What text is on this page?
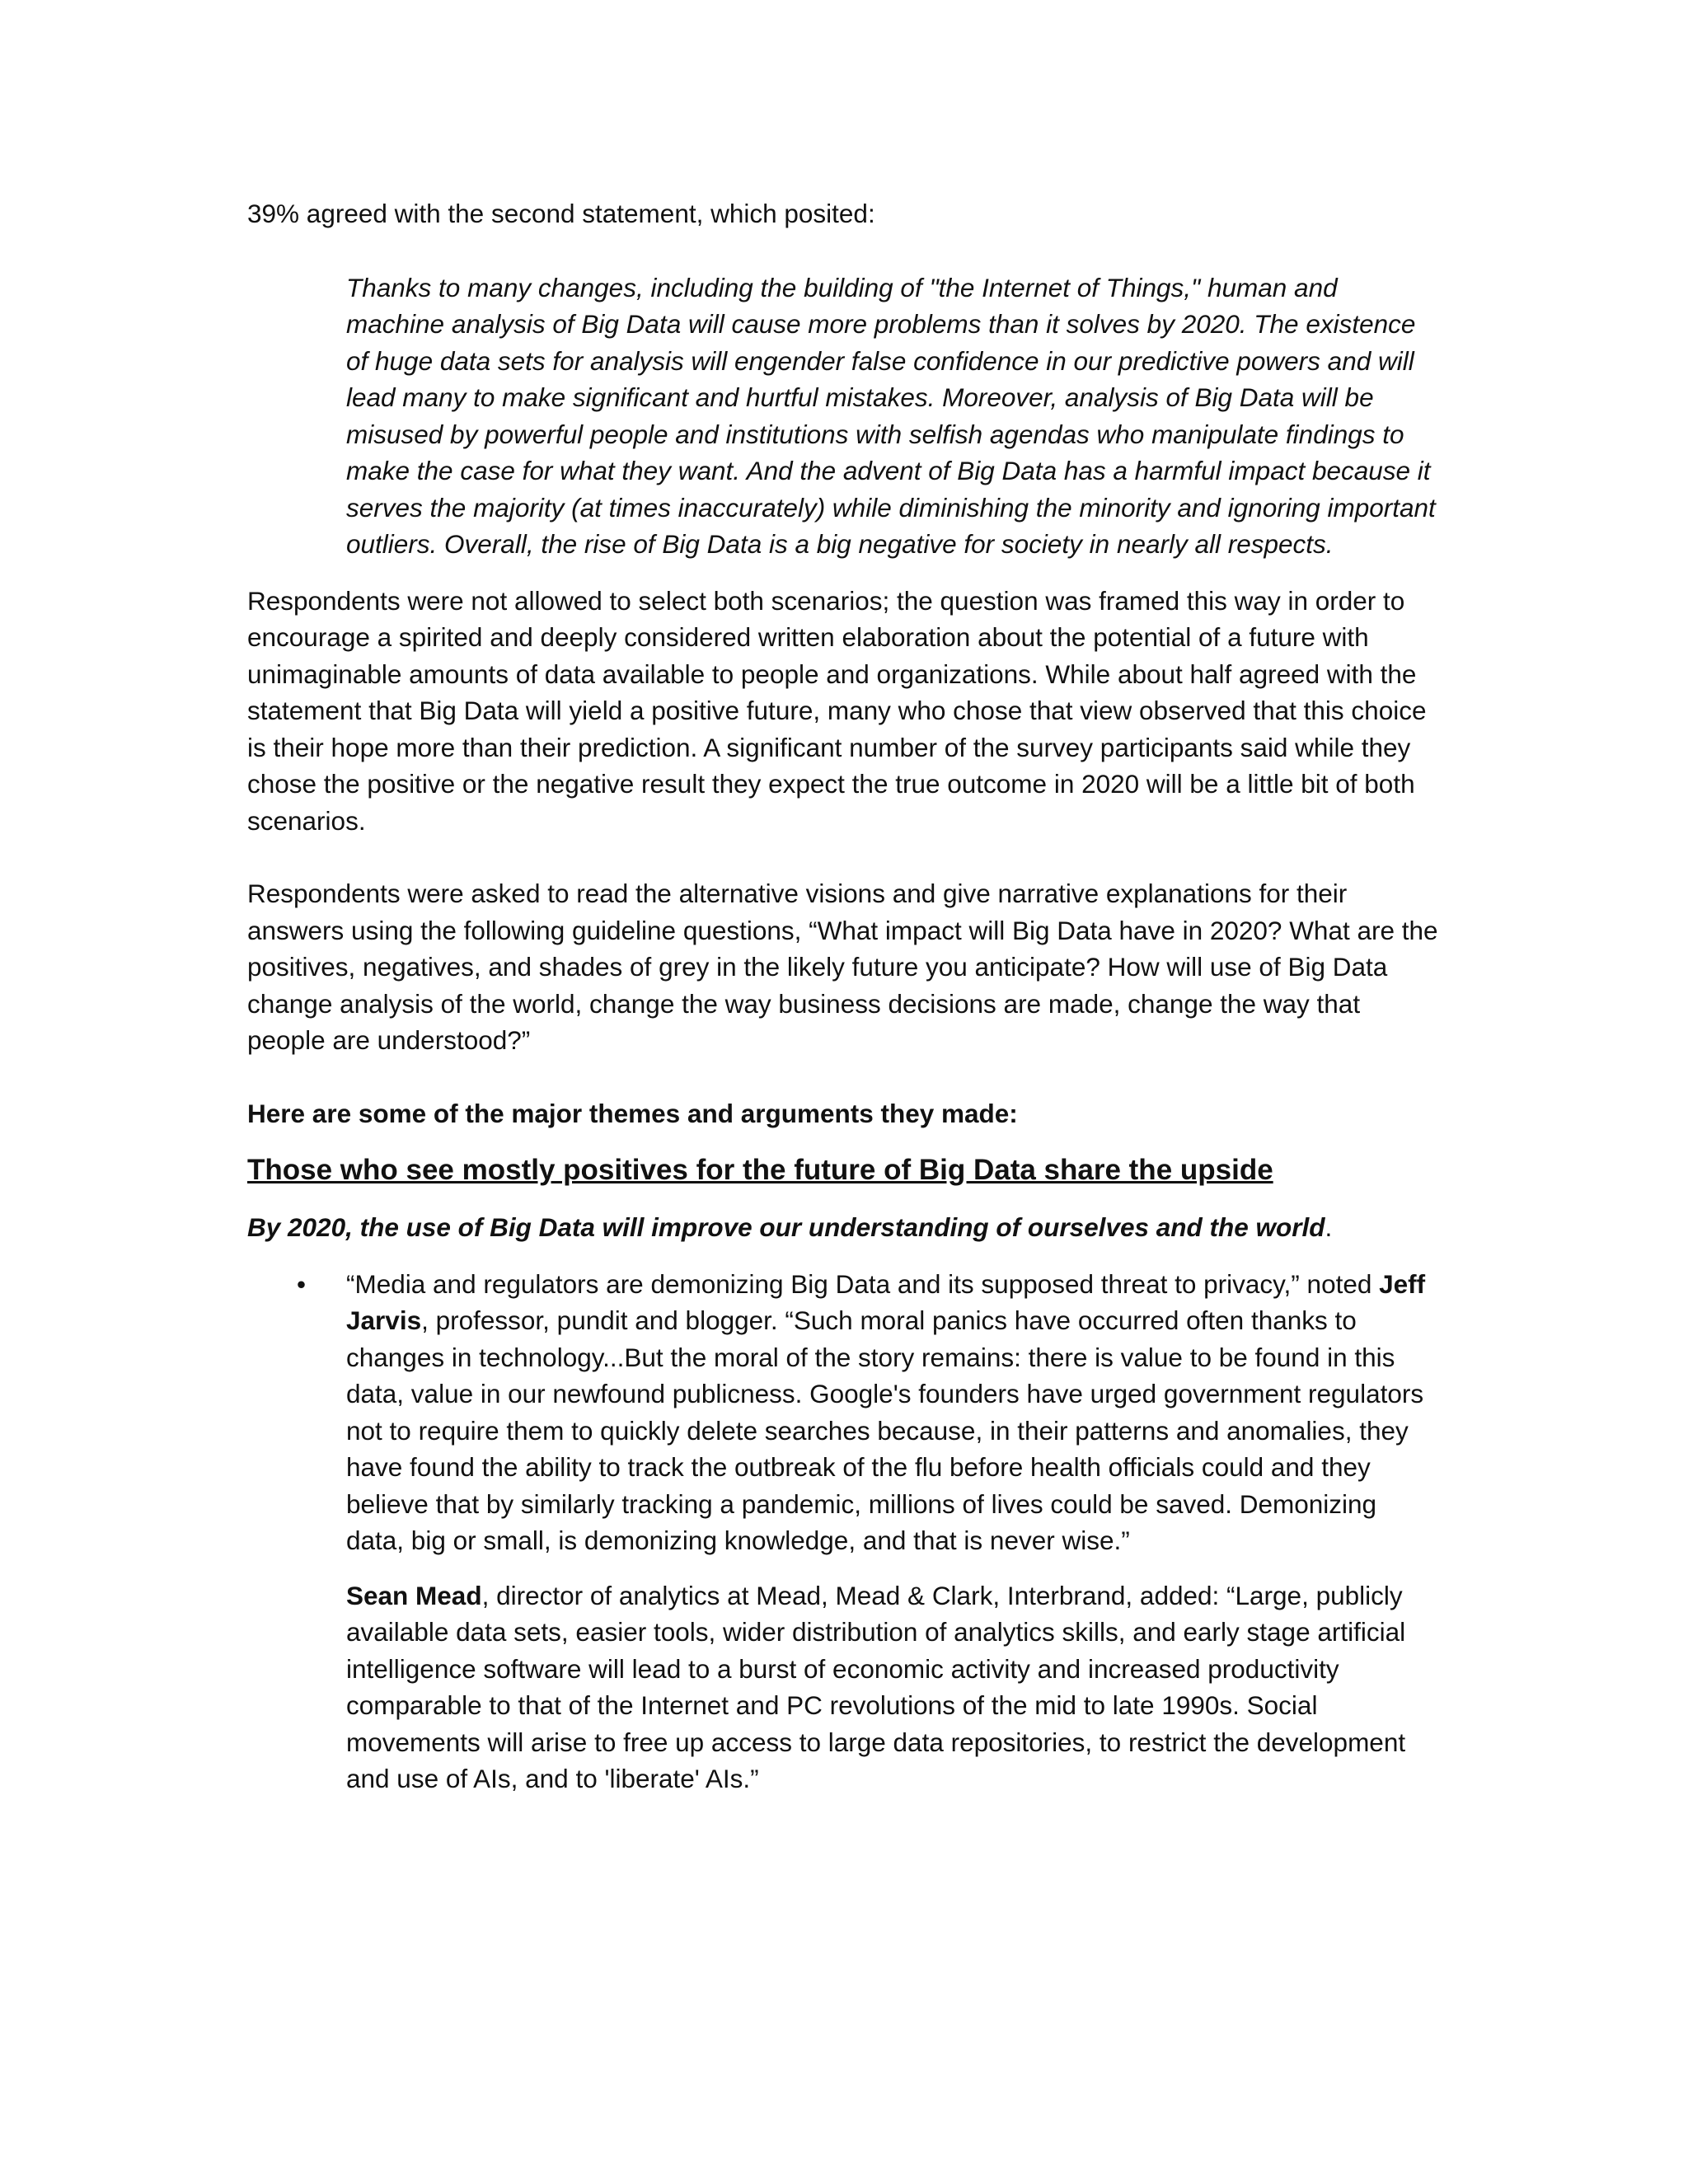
39% agreed with the second statement, which posited:

Thanks to many changes, including the building of "the Internet of Things," human and machine analysis of Big Data will cause more problems than it solves by 2020. The existence of huge data sets for analysis will engender false confidence in our predictive powers and will lead many to make significant and hurtful mistakes. Moreover, analysis of Big Data will be misused by powerful people and institutions with selfish agendas who manipulate findings to make the case for what they want. And the advent of Big Data has a harmful impact because it serves the majority (at times inaccurately) while diminishing the minority and ignoring important outliers. Overall, the rise of Big Data is a big negative for society in nearly all respects.

Respondents were not allowed to select both scenarios; the question was framed this way in order to encourage a spirited and deeply considered written elaboration about the potential of a future with unimaginable amounts of data available to people and organizations. While about half agreed with the statement that Big Data will yield a positive future, many who chose that view observed that this choice is their hope more than their prediction. A significant number of the survey participants said while they chose the positive or the negative result they expect the true outcome in 2020 will be a little bit of both scenarios.

Respondents were asked to read the alternative visions and give narrative explanations for their answers using the following guideline questions, “What impact will Big Data have in 2020? What are the positives, negatives, and shades of grey in the likely future you anticipate? How will use of Big Data change analysis of the world, change the way business decisions are made, change the way that people are understood?”

Here are some of the major themes and arguments they made:

Those who see mostly positives for the future of Big Data share the upside

By 2020, the use of Big Data will improve our understanding of ourselves and the world.

• “Media and regulators are demonizing Big Data and its supposed threat to privacy,” noted Jeff Jarvis, professor, pundit and blogger. “Such moral panics have occurred often thanks to changes in technology...But the moral of the story remains: there is value to be found in this data, value in our newfound publicness. Google's founders have urged government regulators not to require them to quickly delete searches because, in their patterns and anomalies, they have found the ability to track the outbreak of the flu before health officials could and they believe that by similarly tracking a pandemic, millions of lives could be saved. Demonizing data, big or small, is demonizing knowledge, and that is never wise.”

Sean Mead, director of analytics at Mead, Mead & Clark, Interbrand, added: “Large, publicly available data sets, easier tools, wider distribution of analytics skills, and early stage artificial intelligence software will lead to a burst of economic activity and increased productivity comparable to that of the Internet and PC revolutions of the mid to late 1990s. Social movements will arise to free up access to large data repositories, to restrict the development and use of AIs, and to 'liberate' AIs.”
